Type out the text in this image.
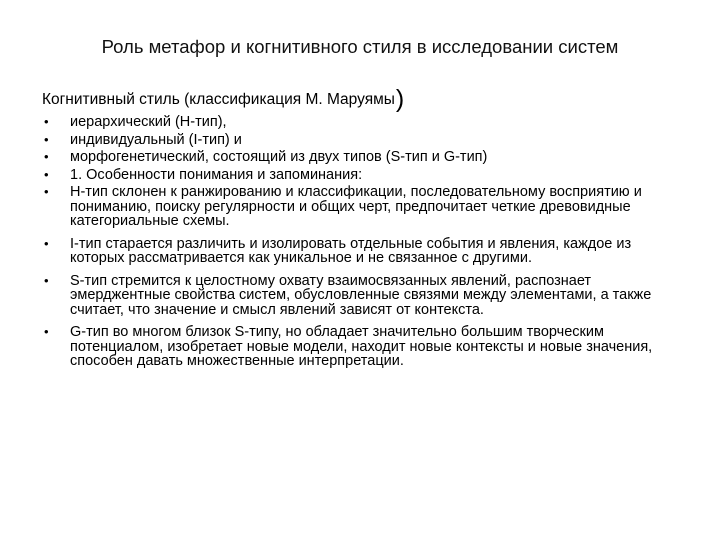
Роль метафор и когнитивного стиля в исследовании систем
Когнитивный стиль (классификация М. Маруямы)
• иерархический (H-тип),
• индивидуальный (I-тип) и
• морфогенетический, состоящий из двух типов (S-тип и G-тип)
• 1. Особенности понимания и запоминания:
• H-тип склонен к ранжированию и классификации, последовательному восприятию и пониманию, поиску регулярности и общих черт, предпочитает четкие древовидные категориальные схемы.
• I-тип старается различить и изолировать отдельные события и явления, каждое из которых рассматривается как уникальное и не связанное с другими.
• S-тип стремится к целостному охвату взаимосвязанных явлений, распознает эмерджентные свойства систем, обусловленные связями между элементами, а также считает, что значение и смысл явлений зависят от контекста.
• G-тип во многом близок S-типу, но обладает значительно большим творческим потенциалом, изобретает новые модели, находит новые контексты и новые значения, способен давать множественные интерпретации.
